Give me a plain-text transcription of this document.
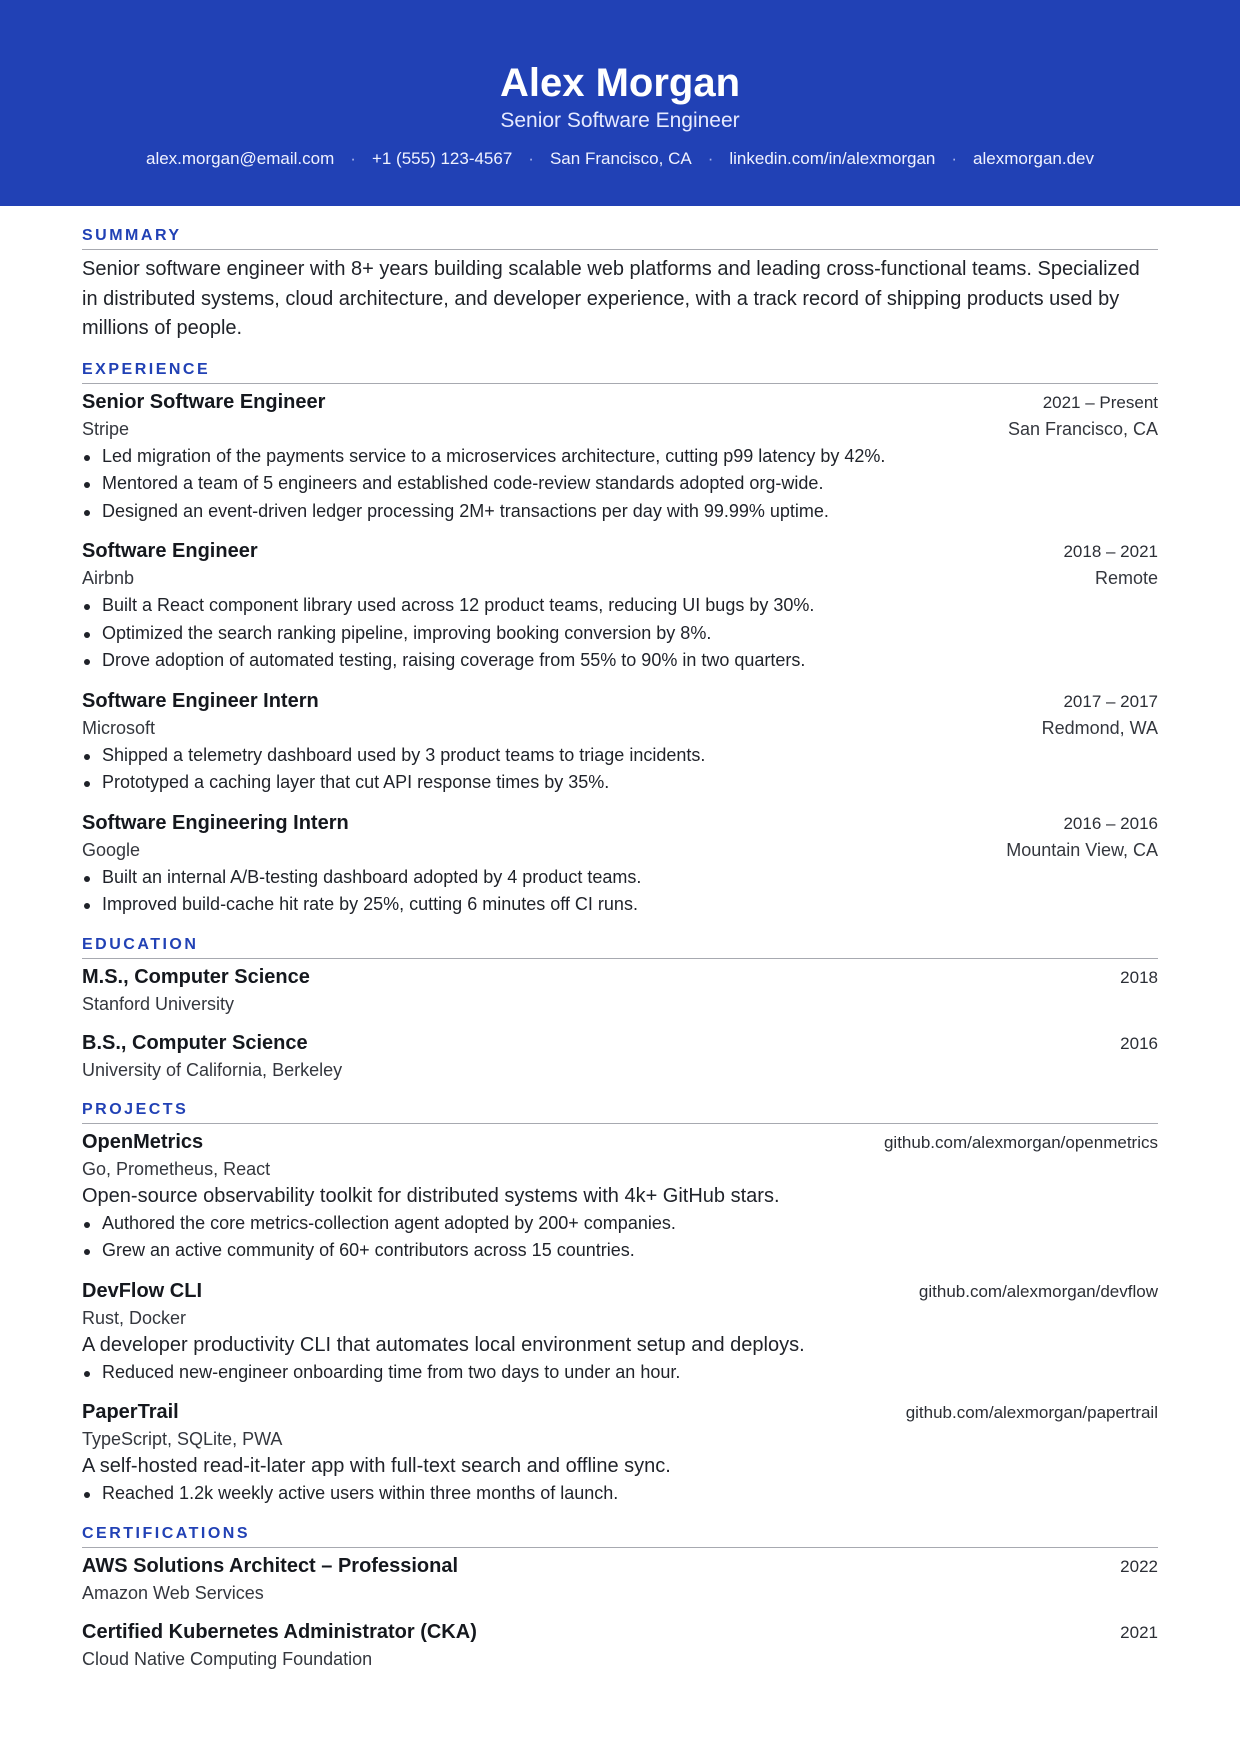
Alex Morgan
Senior Software Engineer
alex.morgan@email.com · +1 (555) 123-4567 · San Francisco, CA · linkedin.com/in/alexmorgan · alexmorgan.dev
SUMMARY
Senior software engineer with 8+ years building scalable web platforms and leading cross-functional teams. Specialized in distributed systems, cloud architecture, and developer experience, with a track record of shipping products used by millions of people.
EXPERIENCE
Senior Software Engineer	2021 – Present
Stripe	San Francisco, CA
Led migration of the payments service to a microservices architecture, cutting p99 latency by 42%.
Mentored a team of 5 engineers and established code-review standards adopted org-wide.
Designed an event-driven ledger processing 2M+ transactions per day with 99.99% uptime.
Software Engineer	2018 – 2021
Airbnb	Remote
Built a React component library used across 12 product teams, reducing UI bugs by 30%.
Optimized the search ranking pipeline, improving booking conversion by 8%.
Drove adoption of automated testing, raising coverage from 55% to 90% in two quarters.
Software Engineer Intern	2017 – 2017
Microsoft	Redmond, WA
Shipped a telemetry dashboard used by 3 product teams to triage incidents.
Prototyped a caching layer that cut API response times by 35%.
Software Engineering Intern	2016 – 2016
Google	Mountain View, CA
Built an internal A/B-testing dashboard adopted by 4 product teams.
Improved build-cache hit rate by 25%, cutting 6 minutes off CI runs.
EDUCATION
M.S., Computer Science	2018
Stanford University
B.S., Computer Science	2016
University of California, Berkeley
PROJECTS
OpenMetrics	github.com/alexmorgan/openmetrics
Go, Prometheus, React
Open-source observability toolkit for distributed systems with 4k+ GitHub stars.
Authored the core metrics-collection agent adopted by 200+ companies.
Grew an active community of 60+ contributors across 15 countries.
DevFlow CLI	github.com/alexmorgan/devflow
Rust, Docker
A developer productivity CLI that automates local environment setup and deploys.
Reduced new-engineer onboarding time from two days to under an hour.
PaperTrail	github.com/alexmorgan/papertrail
TypeScript, SQLite, PWA
A self-hosted read-it-later app with full-text search and offline sync.
Reached 1.2k weekly active users within three months of launch.
CERTIFICATIONS
AWS Solutions Architect – Professional	2022
Amazon Web Services
Certified Kubernetes Administrator (CKA)	2021
Cloud Native Computing Foundation
